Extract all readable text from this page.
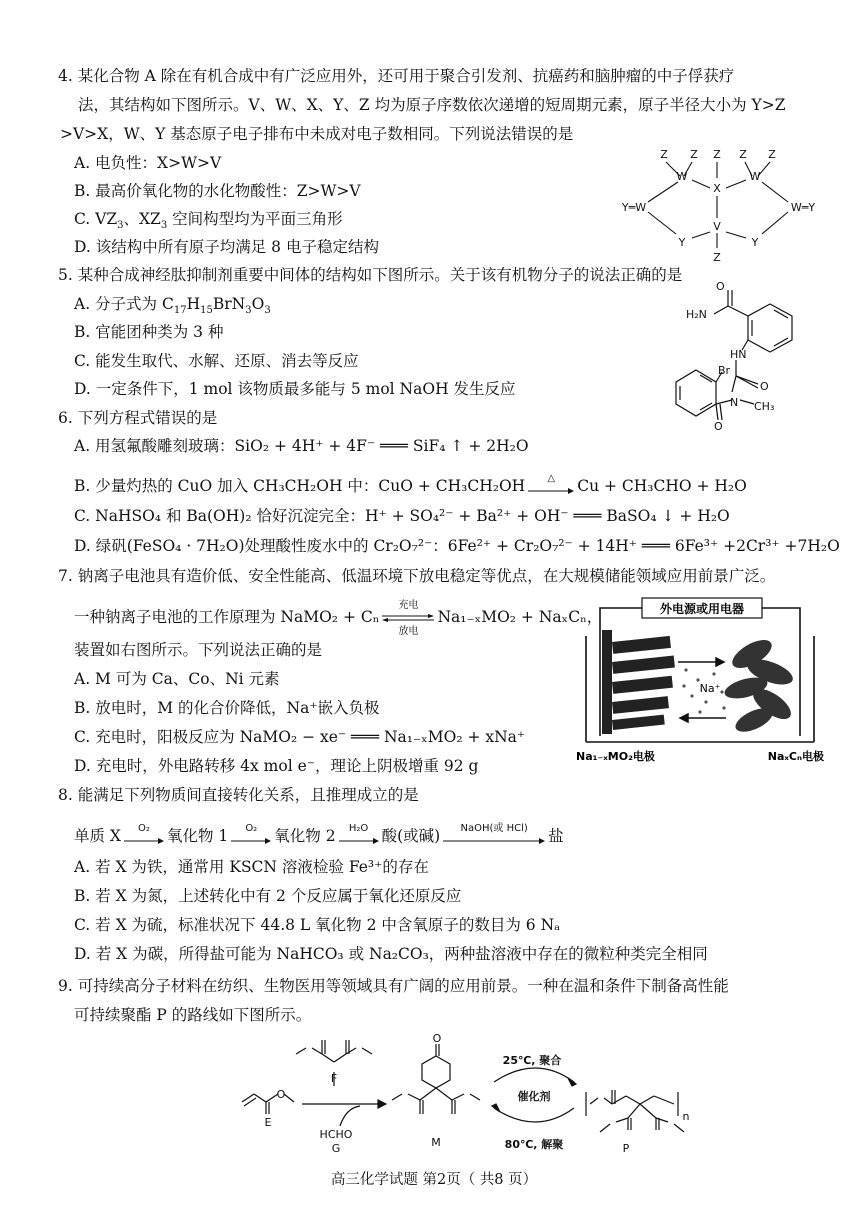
4. 某化合物 A 除在有机合成中有广泛应用外，还可用于聚合引发剂、抗癌药和脑肿瘤的中子俘获疗
法，其结构如下图所示。V、W、X、Y、Z 均为原子序数依次递增的短周期元素，原子半径大小为 Y>Z
>V>X，W、Y 基态原子电子排布中未成对电子数相同。下列说法错误的是
A. 电负性：X>W>V
B. 最高价氧化物的水化物酸性：Z>W>V
C. $VZ_3$、$XZ_3$ 空间构型均为平面三角形
D. 该结构中所有原子均满足 8 电子稳定结构
Z Z Z Z Z
W
X
W
Y═W	W═Y
V
Y	Y
Z
5. 某种合成神经肽抑制剂重要中间体的结构如下图所示。关于该有机物分子的说法正确的是
A. 分子式为 $C_{17}H_{15}BrN_3O_3$
B. 官能团种类为 3 种
C. 能发生取代、水解、还原、消去等反应
D. 一定条件下，1 mol 该物质最多能与 5 mol NaOH 发生反应
O
H₂N
HN
O
Br
N CH₃
O
6. 下列方程式错误的是
A. 用氢氟酸雕刻玻璃：SiO₂ + 4H⁺ + 4F⁻ ═══ SiF₄ ↑ + 2H₂O
B. 少量灼热的 CuO 加入 CH₃CH₂OH 中：CuO + CH₃CH₂OH	△	Cu + CH₃CHO + H₂O
C. NaHSO₄ 和 Ba(OH)₂ 恰好沉淀完全：H⁺ + SO₄²⁻ + Ba²⁺ + OH⁻ ═══ BaSO₄ ↓ + H₂O
D. 绿矾(FeSO₄ · 7H₂O)处理酸性废水中的 Cr₂O₇²⁻：6Fe²⁺ + Cr₂O₇²⁻ + 14H⁺ ═══ 6Fe³⁺ +2Cr³⁺ +7H₂O
7. 钠离子电池具有造价低、安全性能高、低温环境下放电稳定等优点，在大规模储能领域应用前景广泛。
一种钠离子电池的工作原理为 NaMO₂ + Cₙ
充电
放电
Na₁₋ₓMO₂ + NaₓCₙ，
装置如右图所示。下列说法正确的是
A. M 可为 Ca、Co、Ni 元素
B. 放电时，M 的化合价降低，Na⁺嵌入负极
C. 充电时，阳极反应为 NaMO₂ − xe⁻ ═══ Na₁₋ₓMO₂ + xNa⁺
D. 充电时，外电路转移 4x mol e⁻，理论上阴极增重 92 g
外电源或用电器
Na⁺
Na₁₋ₓMO₂电极	NaₓCₙ电极
8. 能满足下列物质间直接转化关系，且推理成立的是
单质 X	O₂	氧化物 1	O₂	氧化物 2	H₂O 酸(或碱)	NaOH(或 HCl)	盐
A. 若 X 为铁，通常用 KSCN 溶液检验 Fe³⁺的存在
B. 若 X 为氮，上述转化中有 2 个反应属于氧化还原反应
C. 若 X 为硫，标准状况下 44.8 L 氧化物 2 中含氧原子的数目为 6 Nₐ
D. 若 X 为碳，所得盐可能为 NaHCO₃ 或 Na₂CO₃，两种盐溶液中存在的微粒种类完全相同
9. 可持续高分子材料在纺织、生物医用等领域具有广阔的应用前景。一种在温和条件下制备高性能
可持续聚酯 P 的路线如下图所示。
O
E
F
HCHO
G
O
M
25℃, 聚合
催化剂
80℃, 解聚
n
P
高三化学试题 第2页（ 共8 页）
